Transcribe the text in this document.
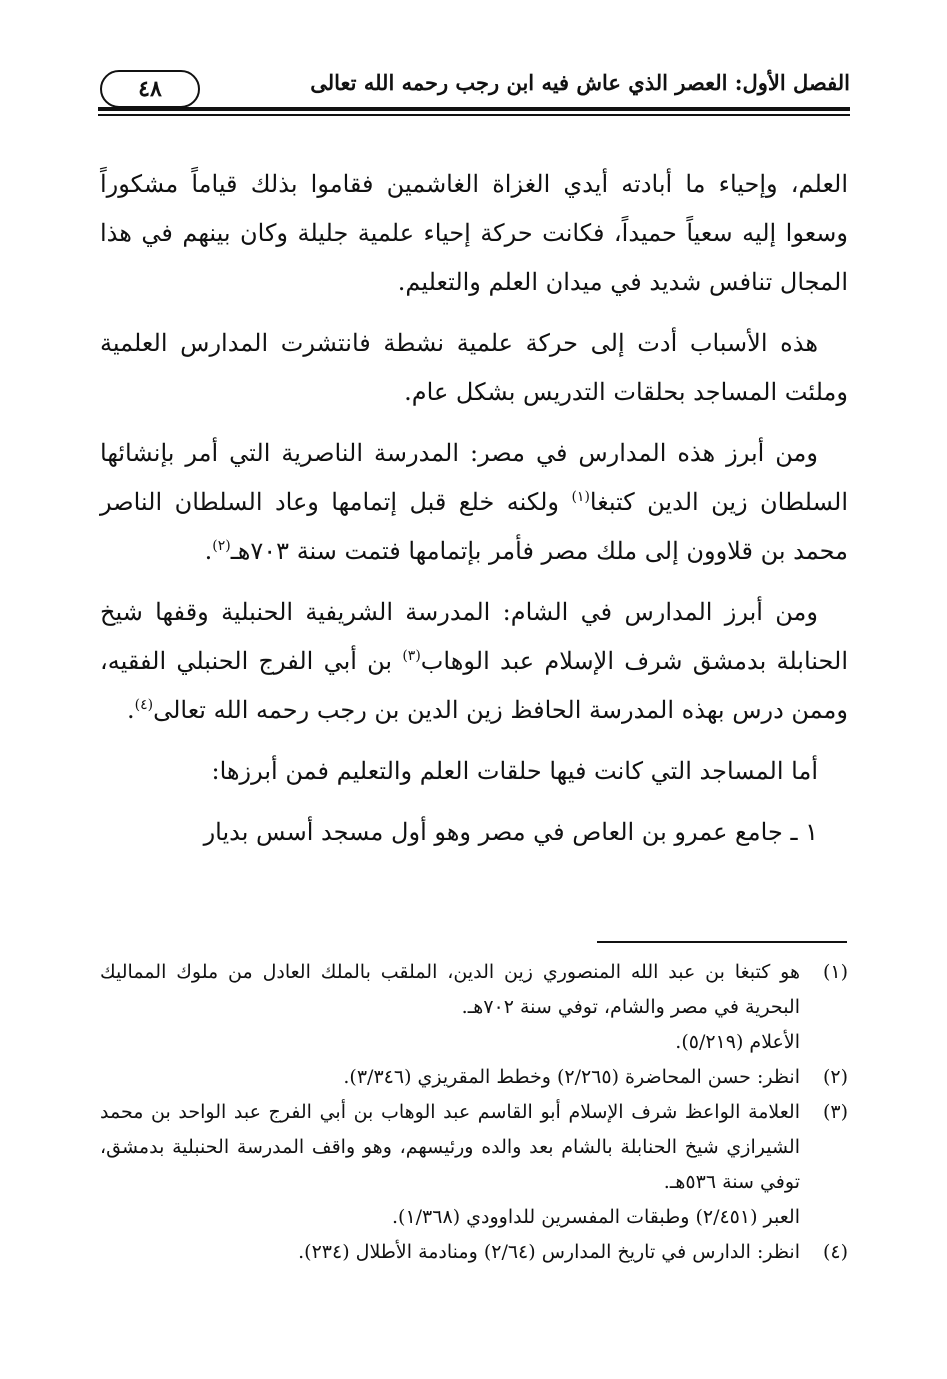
الفصل الأول: العصر الذي عاش فيه ابن رجب رحمه الله تعالى
٤٨

العلم، وإحياء ما أبادته أيدي الغزاة الغاشمين فقاموا بذلك قياماً مشكوراً وسعوا إليه سعياً حميداً، فكانت حركة إحياء علمية جليلة وكان بينهم في هذا المجال تنافس شديد في ميدان العلم والتعليم.

هذه الأسباب أدت إلى حركة علمية نشطة فانتشرت المدارس العلمية وملئت المساجد بحلقات التدريس بشكل عام.

ومن أبرز هذه المدارس في مصر: المدرسة الناصرية التي أمر بإنشائها السلطان زين الدين كتبغا$^{(١)}$ ولكنه خلع قبل إتمامها وعاد السلطان الناصر محمد بن قلاوون إلى ملك مصر فأمر بإتمامها فتمت سنة ٧٠٣هـ$^{(٢)}$.

ومن أبرز المدارس في الشام: المدرسة الشريفية الحنبلية وقفها شيخ الحنابلة بدمشق شرف الإسلام عبد الوهاب$^{(٣)}$ بن أبي الفرج الحنبلي الفقيه، وممن درس بهذه المدرسة الحافظ زين الدين بن رجب رحمه الله تعالى$^{(٤)}$.

أما المساجد التي كانت فيها حلقات العلم والتعليم فمن أبرزها:

١ ـ جامع عمرو بن العاص في مصر وهو أول مسجد أسس بديار

(١)
هو كتبغا بن عبد الله المنصوري زين الدين، الملقب بالملك العادل من ملوك المماليك البحرية في مصر والشام، توفي سنة ٧٠٢هـ.
الأعلام (٥/٢١٩).
(٢)
انظر: حسن المحاضرة (٢/٢٦٥) وخطط المقريزي (٣/٣٤٦).
(٣)
العلامة الواعظ شرف الإسلام أبو القاسم عبد الوهاب بن أبي الفرج عبد الواحد بن محمد الشيرازي شيخ الحنابلة بالشام بعد والده ورئيسهم، وهو واقف المدرسة الحنبلية بدمشق، توفي سنة ٥٣٦هـ.
العبر (٢/٤٥١) وطبقات المفسرين للداوودي (١/٣٦٨).
(٤)
انظر: الدارس في تاريخ المدارس (٢/٦٤) ومنادمة الأطلال (٢٣٤).
